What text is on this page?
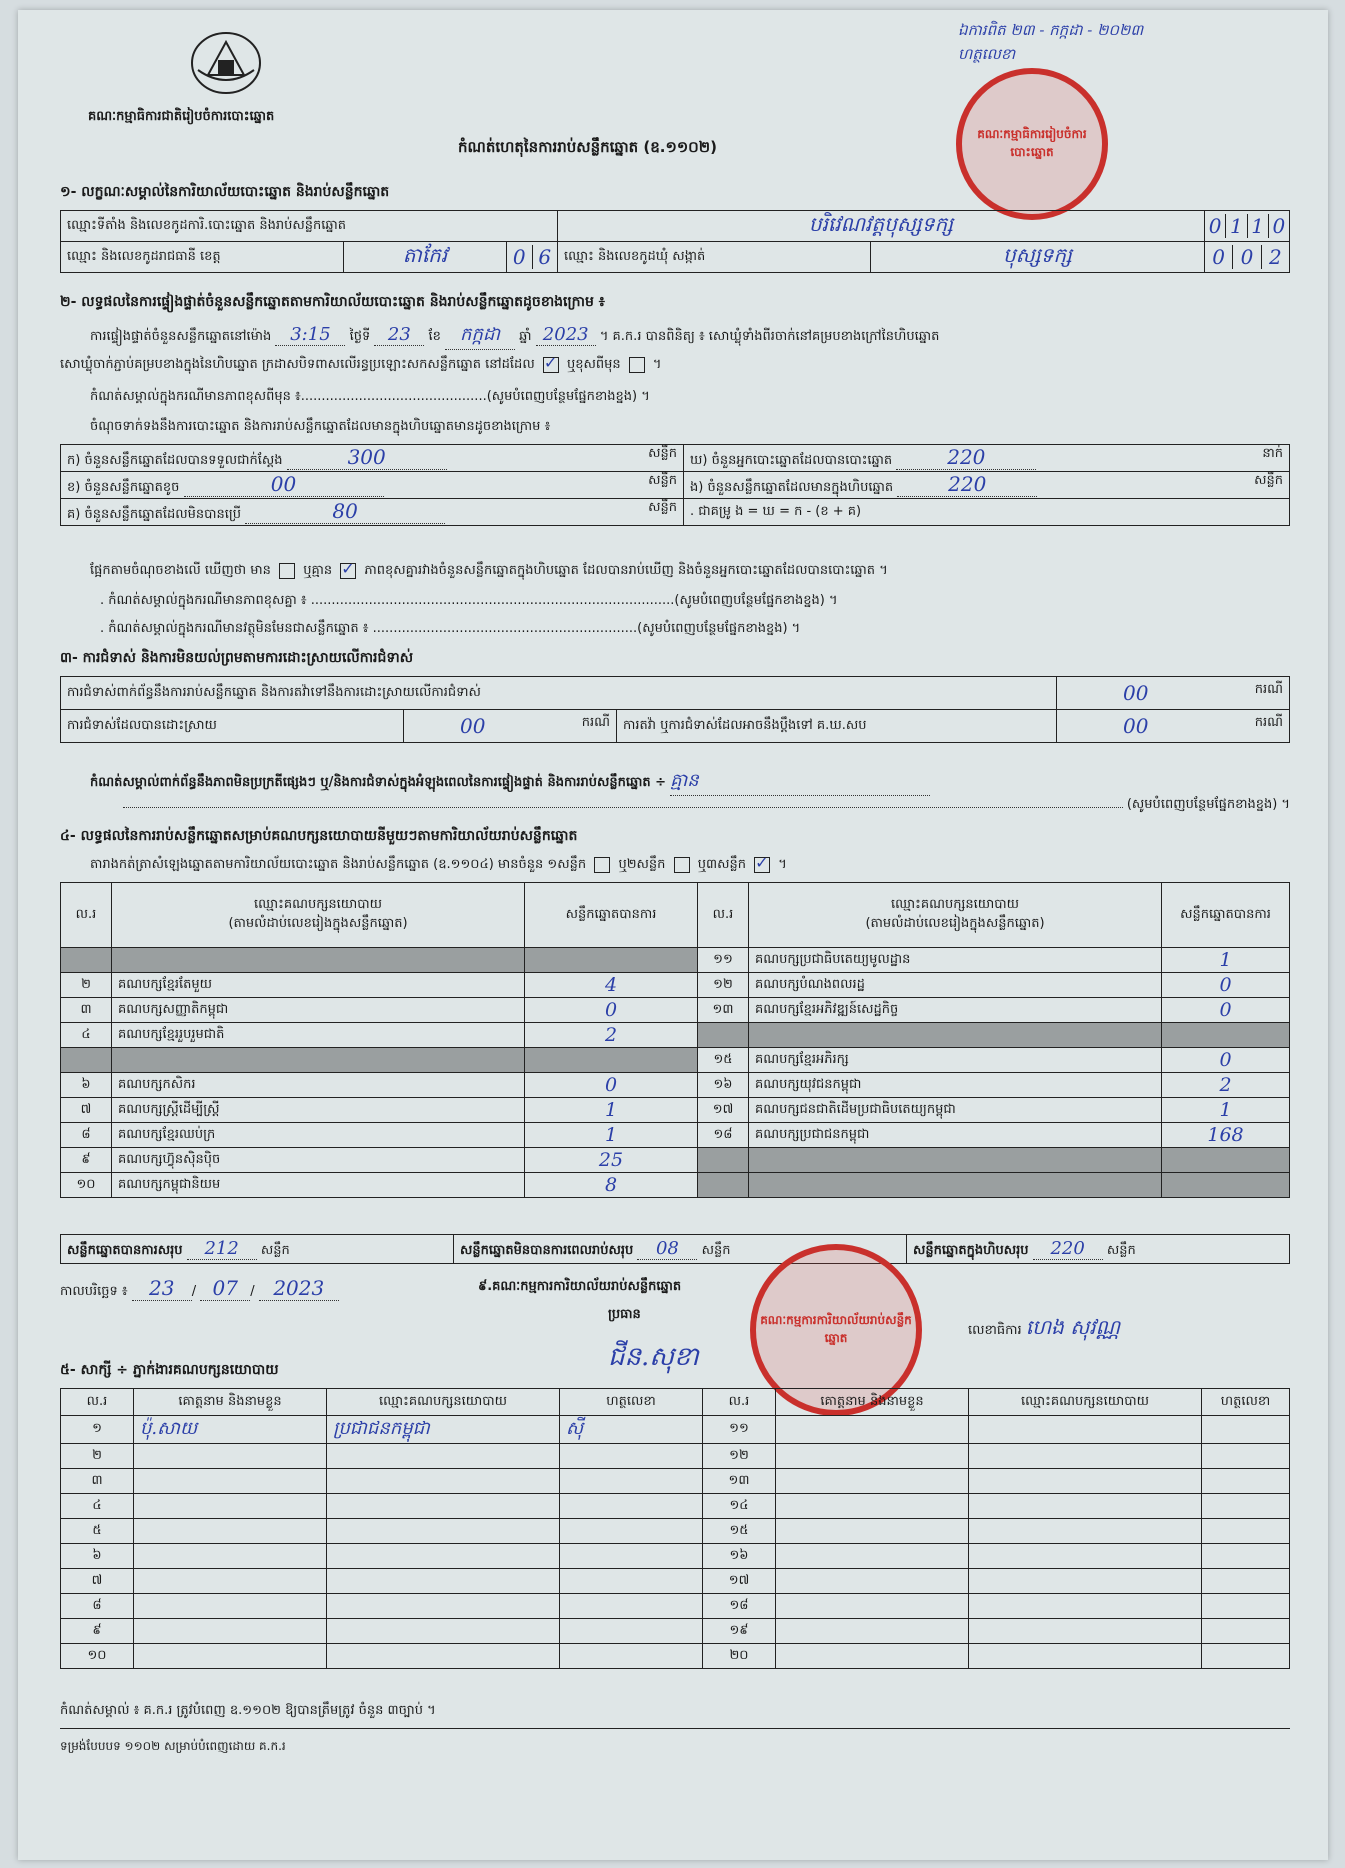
គណៈកម្មាធិការជាតិរៀបចំការបោះឆ្នោត
កំណត់ហេតុនៃការរាប់សន្លឹកឆ្នោត (ឧ.១១០២)
ឯការពិត ២៣ - កក្កដា - ២០២៣ ហត្ថលេខា
គណៈកម្មាធិការរៀបចំការបោះឆ្នោត
១- លក្ខណៈសម្គាល់នៃការិយាល័យបោះឆ្នោត និងរាប់សន្លឹកឆ្នោត
ឈ្មោះទីតាំង និងលេខកូដការិ.បោះឆ្នោត និងរាប់សន្លឹកឆ្នោត			បរិវេណវត្តបុស្សទក្ស		0 1 1 0

ឈ្មោះ និងលេខកូដរាជធានី ខេត្ត	តាកែវ	0 6	ឈ្មោះ និងលេខកូដឃុំ សង្កាត់	បុស្សទក្ស	0 0 2
២- លទ្ធផលនៃការផ្ទៀងផ្ទាត់ចំនួនសន្លឹកឆ្នោតតាមការិយាល័យបោះឆ្នោត និងរាប់សន្លឹកឆ្នោតដូចខាងក្រោម ៖
ការផ្ទៀងផ្ទាត់ចំនួនសន្លឹកឆ្នោតនៅម៉ោង 3:15 ថ្ងៃទី 23 ខែ កក្កដា ឆ្នាំ 2023 ។ គ.ក.រ បានពិនិត្យ ៖ សោឃ្លុំទាំងពីរចាក់នៅគម្របខាងក្រៅនៃហិបឆ្នោត
សោឃ្លុំចាក់ភ្ជាប់គម្របខាងក្នុងនៃហិបឆ្នោត ក្រដាសបិទពាសលើរន្ធប្រឡោះសកសន្លឹកឆ្នោត នៅដដែល ✓ ឬខុសពីមុន  ។
កំណត់សម្គាល់ក្នុងករណីមានភាពខុសពីមុន ៖.............................................(សូមបំពេញបន្ថែមផ្នែកខាងខ្នង) ។
ចំណុចទាក់ទងនឹងការបោះឆ្នោត និងការរាប់សន្លឹកឆ្នោតដែលមានក្នុងហិបឆ្នោតមានដូចខាងក្រោម ៖
ក) ចំនួនសន្លឹកឆ្នោតដែលបានទទួលជាក់ស្តែង 300 សន្លឹក	ឃ) ចំនួនអ្នកបោះឆ្នោតដែលបានបោះឆ្នោត 220 នាក់

ខ) ចំនួនសន្លឹកឆ្នោតខូច 00 សន្លឹក	ង) ចំនួនសន្លឹកឆ្នោតដែលមានក្នុងហិបឆ្នោត 220 សន្លឹក

គ) ចំនួនសន្លឹកឆ្នោតដែលមិនបានប្រើ 80 សន្លឹក	. ជាគម្រូ ង = ឃ = ក - (ខ + គ)
ផ្អែកតាមចំណុចខាងលើ ឃើញថា មាន ឬគ្មាន ✓ ភាពខុសគ្នារវាងចំនួនសន្លឹកឆ្នោតក្នុងហិបឆ្នោត ដែលបានរាប់ឃើញ និងចំនួនអ្នកបោះឆ្នោតដែលបានបោះឆ្នោត ។
. កំណត់សម្គាល់ក្នុងករណីមានភាពខុសគ្នា ៖ ........................................................................................(សូមបំពេញបន្ថែមផ្នែកខាងខ្នង) ។
. កំណត់សម្គាល់ក្នុងករណីមានវត្ថុមិនមែនជាសន្លឹកឆ្នោត ៖ ................................................................(សូមបំពេញបន្ថែមផ្នែកខាងខ្នង) ។
៣- ការជំទាស់ និងការមិនយល់ព្រមតាមការដោះស្រាយលើការជំទាស់
ការជំទាស់ពាក់ព័ន្ធនឹងការរាប់សន្លឹកឆ្នោត និងការតវ៉ាទៅនឹងការដោះស្រាយលើការជំទាស់			00 ករណី

ការជំទាស់ដែលបានដោះស្រាយ	00 ករណី	ការតវ៉ា ឬការជំទាស់ដែលអាចនឹងប្តឹងទៅ គ.ឃ.សប	00 ករណី
កំណត់សម្គាល់ពាក់ព័ន្ធនឹងភាពមិនប្រក្រតីផ្សេងៗ ឬ/និងការជំទាស់ក្នុងអំឡុងពេលនៃការផ្ទៀងផ្ទាត់ និងការរាប់សន្លឹកឆ្នោត ÷ គ្មាន
(សូមបំពេញបន្ថែមផ្នែកខាងខ្នង) ។
៤- លទ្ធផលនៃការរាប់សន្លឹកឆ្នោតសម្រាប់គណបក្សនយោបាយនីមួយៗតាមការិយាល័យរាប់សន្លឹកឆ្នោត
តារាងកត់ត្រាសំឡេងឆ្នោតតាមការិយាល័យបោះឆ្នោត និងរាប់សន្លឹកឆ្នោត (ឧ.១១០៤) មានចំនួន ១សន្លឹក ឬ២សន្លឹក ឬ៣សន្លឹក ✓ ។
ល.រ	ឈ្មោះគណបក្សនយោបាយ
(តាមលំដាប់លេខរៀងក្នុងសន្លឹកឆ្នោត)	សន្លឹកឆ្នោតបានការ	ល.រ	ឈ្មោះគណបក្សនយោបាយ
(តាមលំដាប់លេខរៀងក្នុងសន្លឹកឆ្នោត)	សន្លឹកឆ្នោតបានការ
			១១	គណបក្សប្រជាធិបតេយ្យមូលដ្ឋាន	1
២	គណបក្សខ្មែរតែមួយ	4	១២	គណបក្សបំណងពលរដ្ឋ	0
៣	គណបក្សសញ្ញាតិកម្ពុជា	0	១៣	គណបក្សខ្មែរអភិវឌ្ឍន៍សេដ្ឋកិច្ច	0
៤	គណបក្សខ្មែររួបរួមជាតិ	2			
			១៥	គណបក្សខ្មែរអភិរក្ស	0
៦	គណបក្សកសិករ	0	១៦	គណបក្សយុវជនកម្ពុជា	2
៧	គណបក្សស្ត្រីដើម្បីស្ត្រី	1	១៧	គណបក្សជនជាតិដើមប្រជាធិបតេយ្យកម្ពុជា	1
៨	គណបក្សខ្មែរឈប់ក្រ	1	១៨	គណបក្សប្រជាជនកម្ពុជា	168
៩	គណបក្សហ៊្វុនស៊ិនប៉ិច	25			
១០	គណបក្សកម្ពុជានិយម	8			
សន្លឹកឆ្នោតបានការសរុប 212 សន្លឹក	សន្លឹកឆ្នោតមិនបានការពេលរាប់សរុប 08 សន្លឹក	សន្លឹកឆ្នោតក្នុងហិបសរុប 220 សន្លឹក
កាលបរិច្ឆេទ ៖ 23 / 07 / 2023	៩.គណៈកម្មការការិយាល័យរាប់សន្លឹកឆ្នោត
ប្រធាន
ជីន.សុខា
លេខាធិការ ហេង សុវណ្ណ
គណៈកម្មការការិយាល័យរាប់សន្លឹកឆ្នោត
៥- សាក្សី ÷ ភ្នាក់ងារគណបក្សនយោបាយ
ល.រ	គោត្តនាម និងនាមខ្លួន	ឈ្មោះគណបក្សនយោបាយ	ហត្ថលេខា	ល.រ	គោត្តនាម និងនាមខ្លួន	ឈ្មោះគណបក្សនយោបាយ	ហត្ថលេខា
១	ប៉ុ.សាយ	ប្រជាជនកម្ពុជា	ស៊ី	១១			
២				១២			
៣				១៣			
៤				១៤			
៥				១៥			
៦				១៦			
៧				១៧			
៨				១៨			
៩				១៩			
១០				២០			
កំណត់សម្គាល់ ៖ គ.ក.រ ត្រូវបំពេញ ឧ.១១០២ ឱ្យបានត្រឹមត្រូវ ចំនួន ៣ច្បាប់ ។
ទម្រង់បែបបទ ១១០២ សម្រាប់បំពេញដោយ គ.ក.រ
